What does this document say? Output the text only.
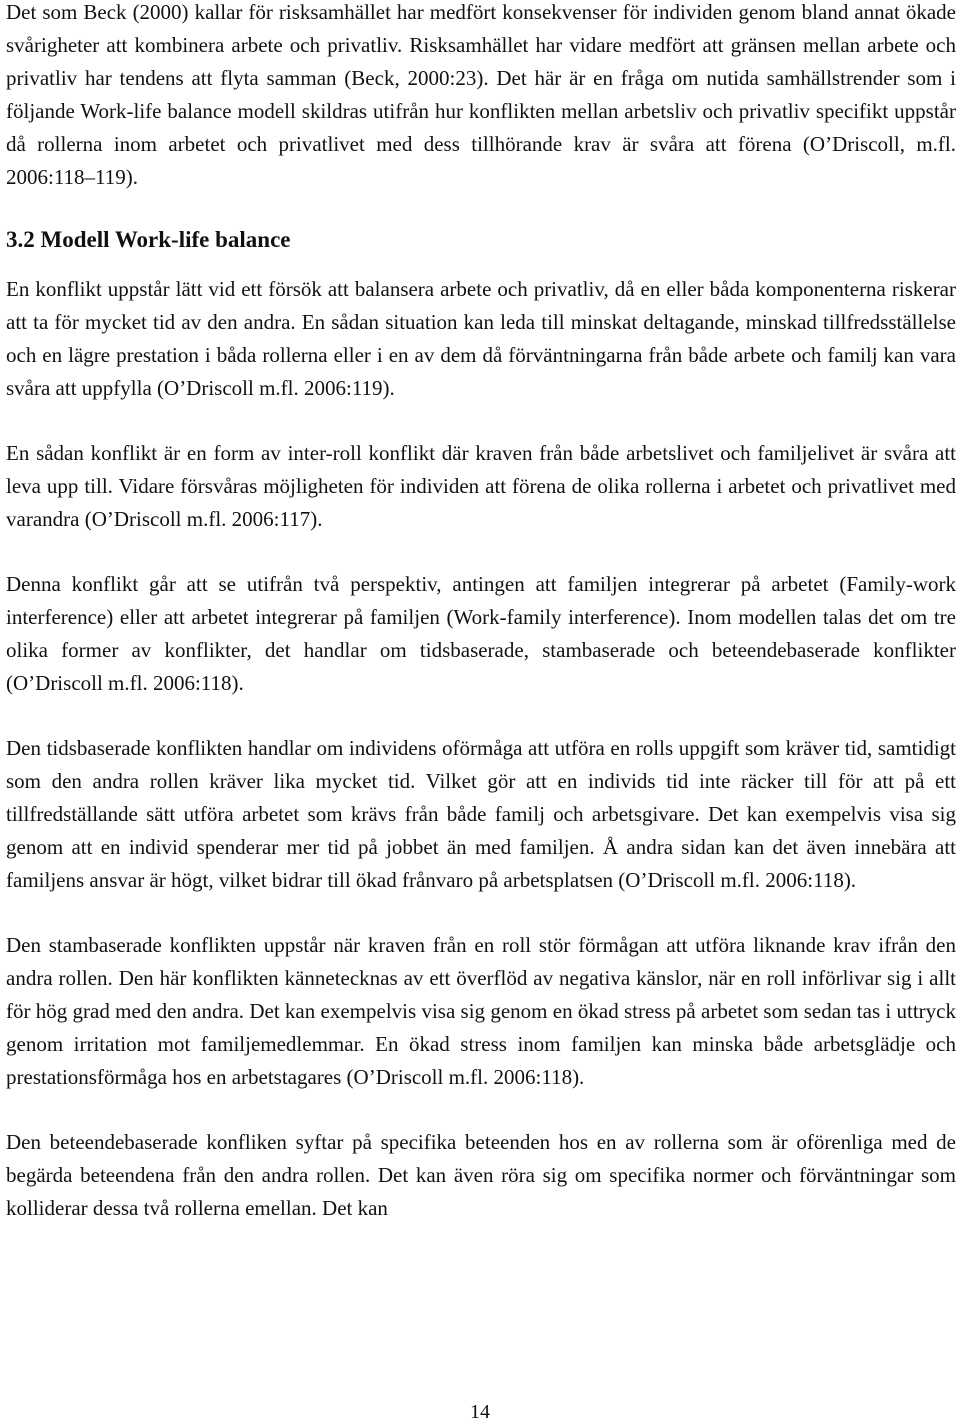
Det som Beck (2000) kallar för risksamhället har medfört konsekvenser för individen genom bland annat ökade svårigheter att kombinera arbete och privatliv. Risksamhället har vidare medfört att gränsen mellan arbete och privatliv har tendens att flyta samman (Beck, 2000:23). Det här är en fråga om nutida samhällstrender som i följande Work-life balance modell skildras utifrån hur konflikten mellan arbetsliv och privatliv specifikt uppstår då rollerna inom arbetet och privatlivet med dess tillhörande krav är svåra att förena (O’Driscoll, m.fl. 2006:118–119).

3.2 Modell Work-life balance

En konflikt uppstår lätt vid ett försök att balansera arbete och privatliv, då en eller båda komponenterna riskerar att ta för mycket tid av den andra. En sådan situation kan leda till minskat deltagande, minskad tillfredsställelse och en lägre prestation i båda rollerna eller i en av dem då förväntningarna från både arbete och familj kan vara svåra att uppfylla (O’Driscoll m.fl. 2006:119).

En sådan konflikt är en form av inter-roll konflikt där kraven från både arbetslivet och familjelivet är svåra att leva upp till. Vidare försvåras möjligheten för individen att förena de olika rollerna i arbetet och privatlivet med varandra (O’Driscoll m.fl. 2006:117).

Denna konflikt går att se utifrån två perspektiv, antingen att familjen integrerar på arbetet (Family-work interference) eller att arbetet integrerar på familjen (Work-family interference). Inom modellen talas det om tre olika former av konflikter, det handlar om tidsbaserade, stambaserade och beteendebaserade konflikter (O’Driscoll m.fl. 2006:118).

Den tidsbaserade konflikten handlar om individens oförmåga att utföra en rolls uppgift som kräver tid, samtidigt som den andra rollen kräver lika mycket tid. Vilket gör att en individs tid inte räcker till för att på ett tillfredställande sätt utföra arbetet som krävs från både familj och arbetsgivare. Det kan exempelvis visa sig genom att en individ spenderar mer tid på jobbet än med familjen. Å andra sidan kan det även innebära att familjens ansvar är högt, vilket bidrar till ökad frånvaro på arbetsplatsen (O’Driscoll m.fl. 2006:118).

Den stambaserade konflikten uppstår när kraven från en roll stör förmågan att utföra liknande krav ifrån den andra rollen. Den här konflikten kännetecknas av ett överflöd av negativa känslor, när en roll införlivar sig i allt för hög grad med den andra. Det kan exempelvis visa sig genom en ökad stress på arbetet som sedan tas i uttryck genom irritation mot familjemedlemmar. En ökad stress inom familjen kan minska både arbetsglädje och prestationsförmåga hos en arbetstagares (O’Driscoll m.fl. 2006:118).

Den beteendebaserade konfliken syftar på specifika beteenden hos en av rollerna som är oförenliga med de begärda beteendena från den andra rollen. Det kan även röra sig om specifika normer och förväntningar som kolliderar dessa två rollerna emellan. Det kan

14
